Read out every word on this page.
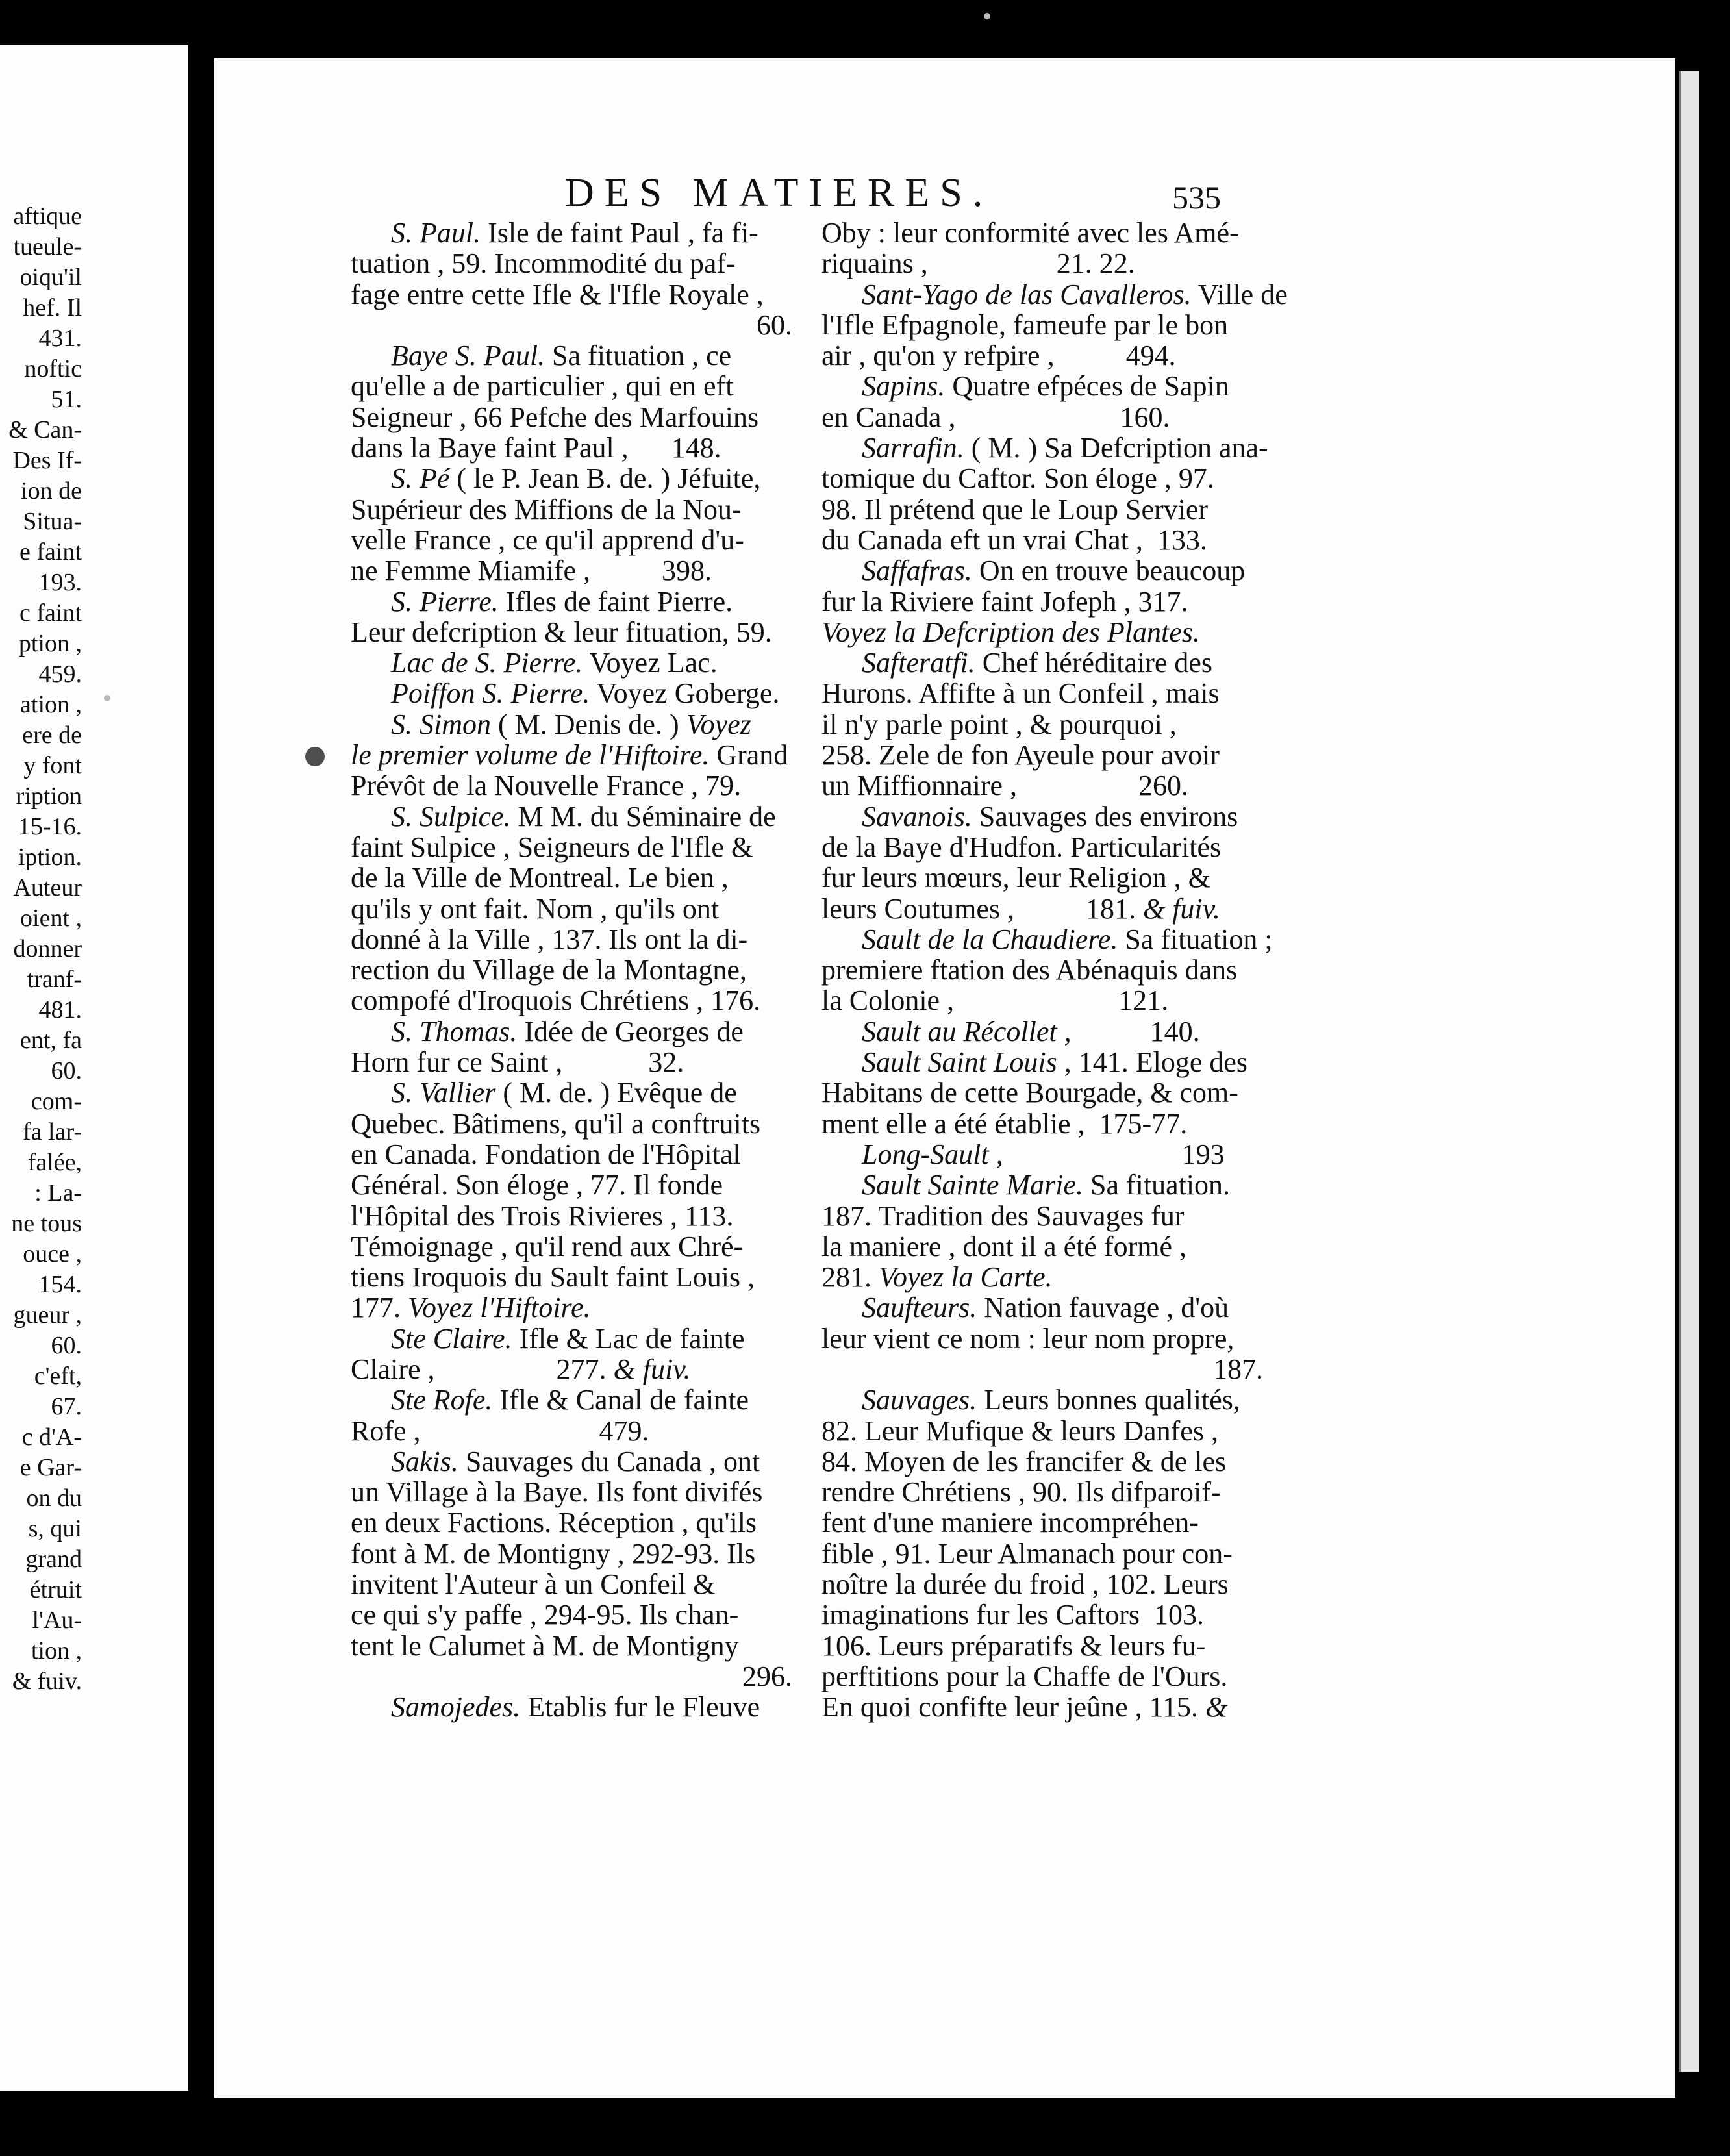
aftique
tueule-
oiqu'il
hef. Il
431.
noftic
51.
& Can-
Des If-
ion de
Situa-
e faint
193.
c faint
ption ,
459.
ation ,
ere de
y font
ription
15-16.
iption.
Auteur
oient ,
donner
tranf-
481.
ent, fa
60.
com-
fa lar-
falée,
: La-
ne tous
ouce ,
154.
gueur ,
60.
c'eft,
67.
c d'A-
e Gar-
on du
s, qui
grand
étruit
l'Au-
tion ,
& fuiv.
DES MATIERES.	535
S. Paul. Isle de faint Paul , fa fi-
tuation , 59. Incommodité du paf-
fage entre cette Ifle & l'Ifle Royale ,
60.
Baye S. Paul. Sa fituation , ce
qu'elle a de particulier , qui en eft
Seigneur , 66 Pefche des Marfouins
dans la Baye faint Paul ,      148.
S. Pé ( le P. Jean B. de. ) Jéfuite,
Supérieur des Miffions de la Nou-
velle France , ce qu'il apprend d'u-
ne Femme Miamife ,          398.
S. Pierre. Ifles de faint Pierre.
Leur defcription & leur fituation, 59.
Lac de S. Pierre. Voyez Lac.
Poiffon S. Pierre. Voyez Goberge.
S. Simon ( M. Denis de. ) Voyez
le premier volume de l'Hiftoire. Grand
Prévôt de la Nouvelle France , 79.
S. Sulpice. M M. du Séminaire de
faint Sulpice , Seigneurs de l'Ifle &
de la Ville de Montreal. Le bien ,
qu'ils y ont fait. Nom , qu'ils ont
donné à la Ville , 137. Ils ont la di-
rection du Village de la Montagne,
compofé d'Iroquois Chrétiens , 176.
S. Thomas. Idée de Georges de
Horn fur ce Saint ,            32.
S. Vallier ( M. de. ) Evêque de
Quebec. Bâtimens, qu'il a conftruits
en Canada. Fondation de l'Hôpital
Général. Son éloge , 77. Il fonde
l'Hôpital des Trois Rivieres , 113.
Témoignage , qu'il rend aux Chré-
tiens Iroquois du Sault faint Louis ,
177. Voyez l'Hiftoire.
Ste Claire. Ifle & Lac de fainte
Claire ,                 277. & fuiv.
Ste Rofe. Ifle & Canal de fainte
Rofe ,                         479.
Sakis. Sauvages du Canada , ont
un Village à la Baye. Ils font divifés
en deux Factions. Réception , qu'ils
font à M. de Montigny , 292-93. Ils
invitent l'Auteur à un Confeil &
ce qui s'y paffe , 294-95. Ils chan-
tent le Calumet à M. de Montigny
296.
Samojedes. Etablis fur le Fleuve
Oby : leur conformité avec les Amé-
riquains ,                  21. 22.
Sant-Yago de las Cavalleros. Ville de
l'Ifle Efpagnole, fameufe par le bon
air , qu'on y refpire ,          494.
Sapins. Quatre efpéces de Sapin
en Canada ,                       160.
Sarrafin. ( M. ) Sa Defcription ana-
tomique du Caftor. Son éloge , 97.
98. Il prétend que le Loup Servier
du Canada eft un vrai Chat ,  133.
Saffafras. On en trouve beaucoup
fur la Riviere faint Jofeph , 317.
Voyez la Defcription des Plantes.
Safteratfi. Chef héréditaire des
Hurons. Affifte à un Confeil , mais
il n'y parle point , & pourquoi ,
258. Zele de fon Ayeule pour avoir
un Miffionnaire ,                 260.
Savanois. Sauvages des environs
de la Baye d'Hudfon. Particularités
fur leurs mœurs, leur Religion , &
leurs Coutumes ,          181. & fuiv.
Sault de la Chaudiere. Sa fituation ;
premiere ftation des Abénaquis dans
la Colonie ,                       121.
Sault au Récollet ,           140.
Sault Saint Louis , 141. Eloge des
Habitans de cette Bourgade, & com-
ment elle a été établie ,  175-77.
Long-Sault ,                         193
Sault Sainte Marie. Sa fituation.
187. Tradition des Sauvages fur
la maniere , dont il a été formé ,
281. Voyez la Carte.
Saufteurs. Nation fauvage , d'où
leur vient ce nom : leur nom propre,
187.
Sauvages. Leurs bonnes qualités,
82. Leur Mufique & leurs Danfes ,
84. Moyen de les francifer & de les
rendre Chrétiens , 90. Ils difparoif-
fent d'une maniere incompréhen-
fible , 91. Leur Almanach pour con-
noître la durée du froid , 102. Leurs
imaginations fur les Caftors  103.
106. Leurs préparatifs & leurs fu-
perftitions pour la Chaffe de l'Ours.
En quoi confifte leur jeûne , 115. &
